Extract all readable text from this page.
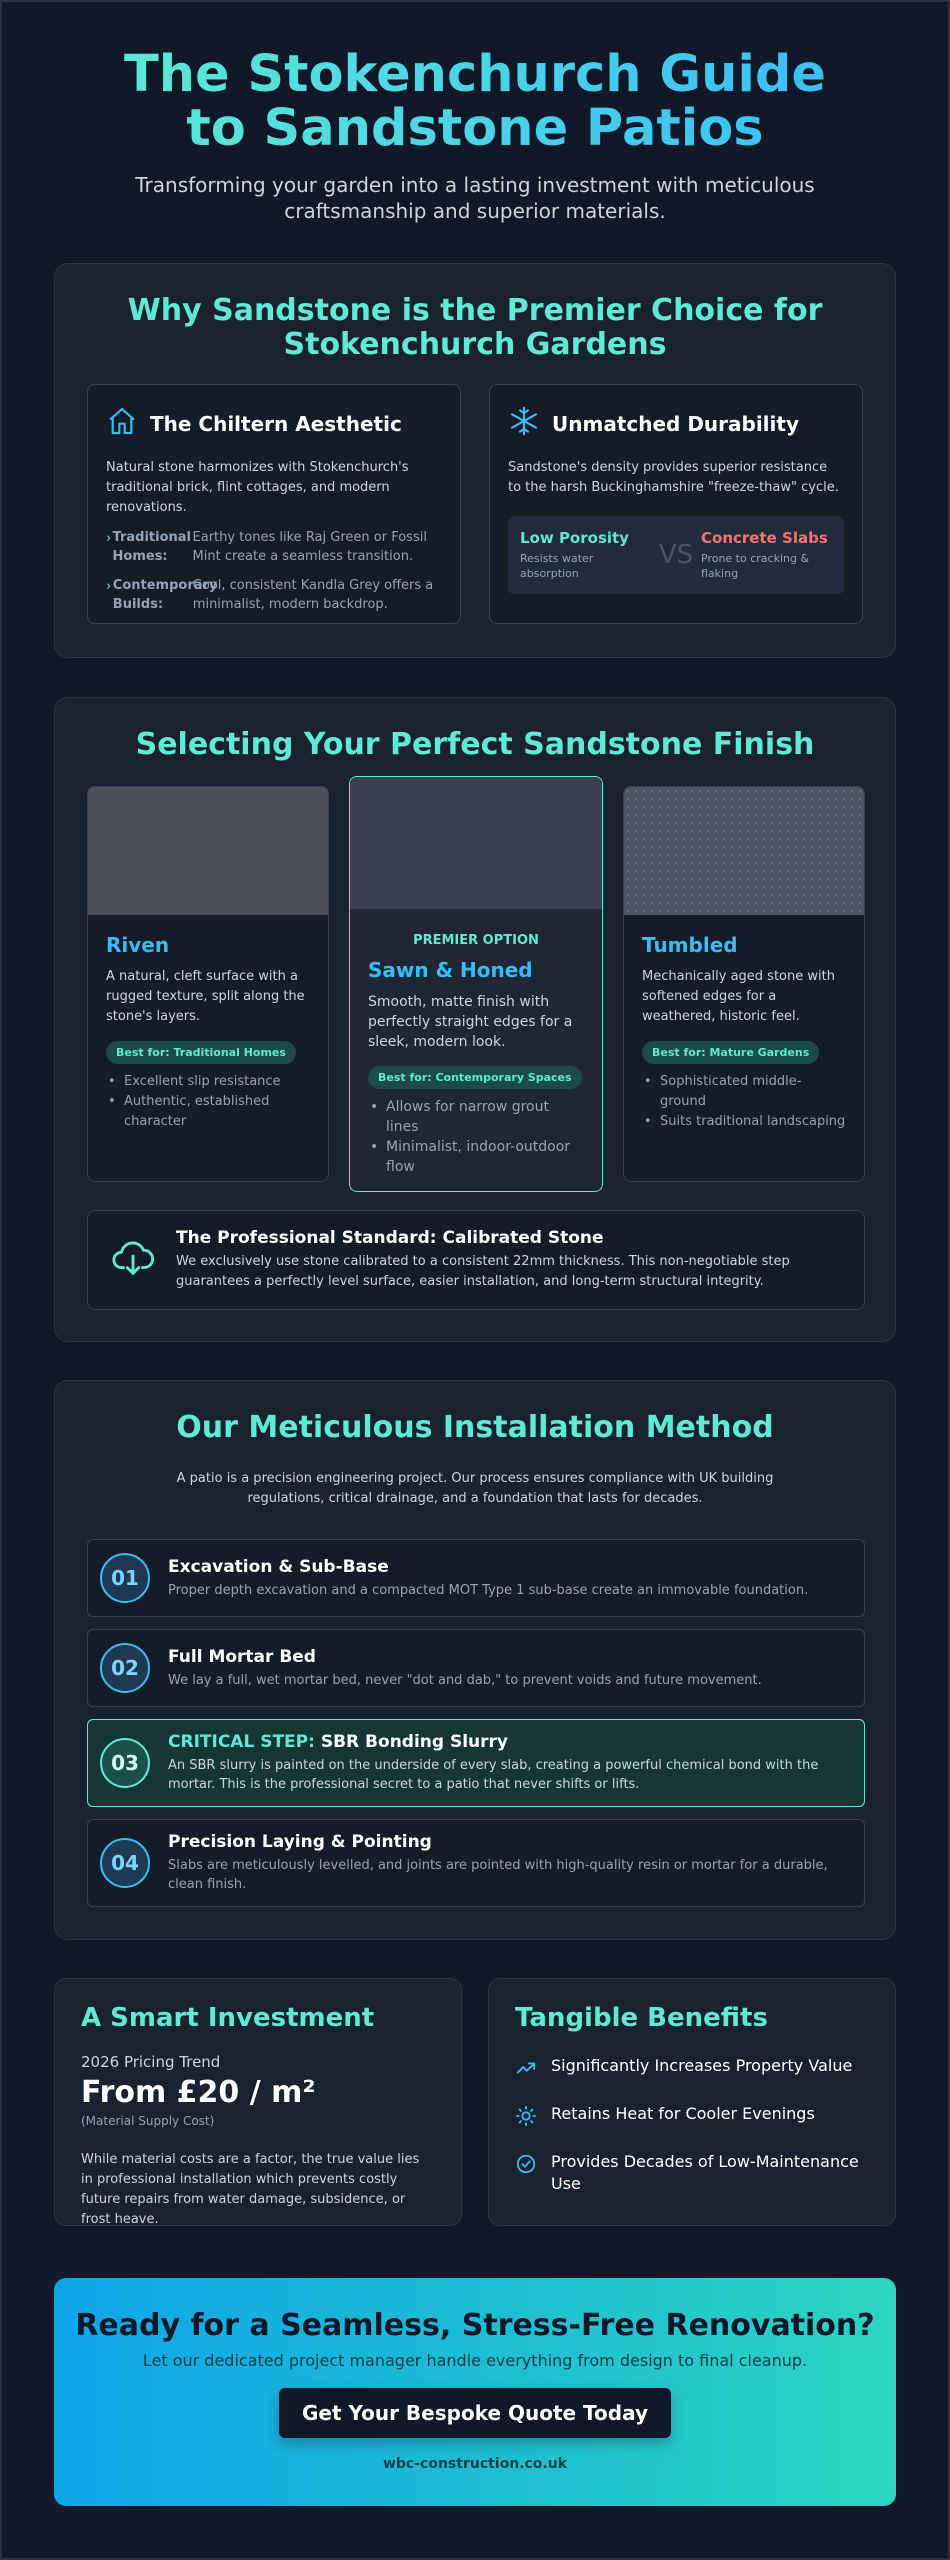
The Stokenchurch Guide to Sandstone Patios

Transforming your garden into a lasting investment with meticulous craftsmanship and superior materials.

Why Sandstone is the Premier Choice for Stokenchurch Gardens
The Chiltern Aesthetic

Natural stone harmonizes with Stokenchurch's traditional brick, flint cottages, and modern renovations.

› Traditional Homes:
Earthy tones like Raj Green or Fossil Mint create a seamless transition.
› Contemporary Builds:
Cool, consistent Kandla Grey offers a minimalist, modern backdrop.
Unmatched Durability

Sandstone's density provides superior resistance to the harsh Buckinghamshire "freeze-thaw" cycle.

Low Porosity
Resists water absorption
VS
Concrete Slabs
Prone to cracking & flaking
Selecting Your Perfect Sandstone Finish
Riven

A natural, cleft surface with a rugged texture, split along the stone's layers.

Best for: Traditional Homes
• Excellent slip resistance
• Authentic, established character
PREMIER OPTION
Sawn & Honed

Smooth, matte finish with perfectly straight edges for a sleek, modern look.

Best for: Contemporary Spaces
• Allows for narrow grout lines
• Minimalist, indoor-outdoor flow
Tumbled

Mechanically aged stone with softened edges for a weathered, historic feel.

Best for: Mature Gardens
• Sophisticated middle-ground
• Suits traditional landscaping
The Professional Standard: Calibrated Stone

We exclusively use stone calibrated to a consistent 22mm thickness. This non-negotiable step guarantees a perfectly level surface, easier installation, and long-term structural integrity.

Our Meticulous Installation Method

A patio is a precision engineering project. Our process ensures compliance with UK building regulations, critical drainage, and a foundation that lasts for decades.

01	Excavation & Sub-Base

Proper depth excavation and a compacted MOT Type 1 sub-base create an immovable foundation.

02	Full Mortar Bed

We lay a full, wet mortar bed, never "dot and dab," to prevent voids and future movement.

03
CRITICAL STEP: SBR Bonding Slurry

An SBR slurry is painted on the underside of every slab, creating a powerful chemical bond with the mortar. This is the professional secret to a patio that never shifts or lifts.

04
Precision Laying & Pointing

Slabs are meticulously levelled, and joints are pointed with high-quality resin or mortar for a durable, clean finish.

A Smart Investment
2026 Pricing Trend
From £20 / m²
(Material Supply Cost)

While material costs are a factor, the true value lies in professional installation which prevents costly future repairs from water damage, subsidence, or frost heave.

Tangible Benefits
Significantly Increases Property Value
Retains Heat for Cooler Evenings
Provides Decades of Low-Maintenance Use
Ready for a Seamless, Stress-Free Renovation?

Let our dedicated project manager handle everything from design to final cleanup.

Get Your Bespoke Quote Today
wbc-construction.co.uk
